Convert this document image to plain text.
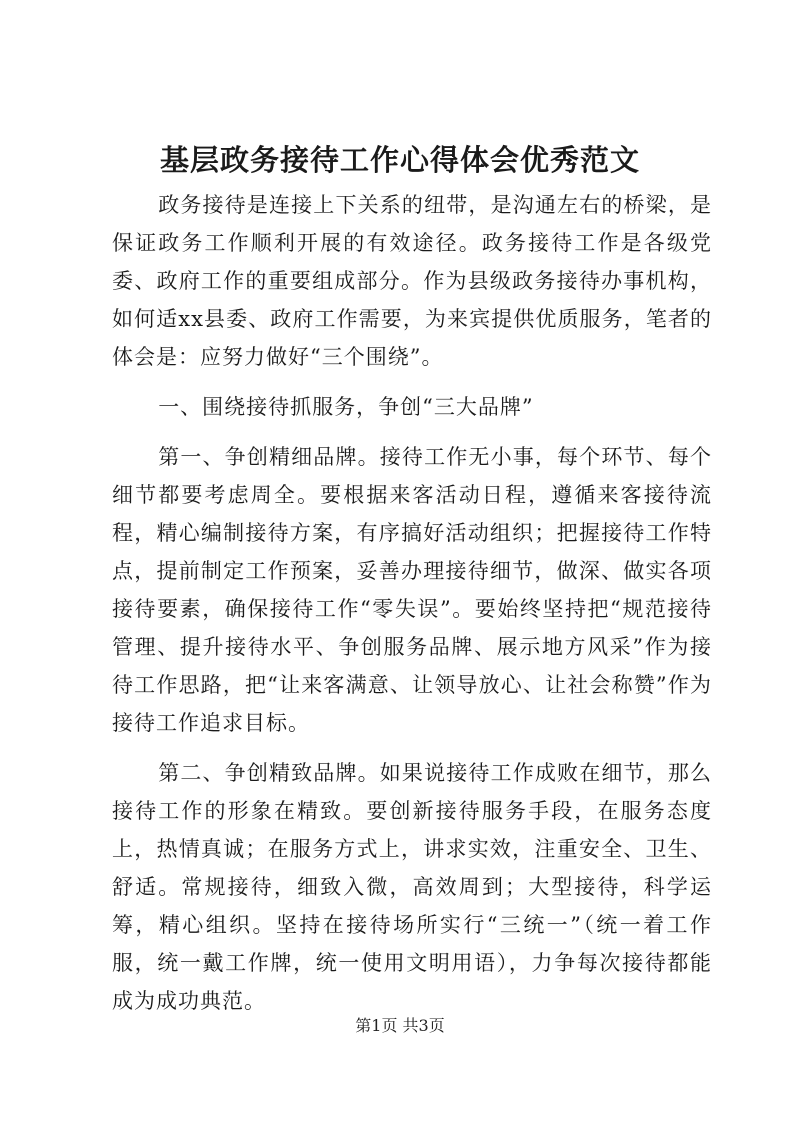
基层政务接待工作心得体会优秀范文

政务接待是连接上下关系的纽带，是沟通左右的桥梁，是保证政务工作顺利开展的有效途径。政务接待工作是各级党委、政府工作的重要组成部分。作为县级政务接待办事机构，如何适xx县委、政府工作需要，为来宾提供优质服务，笔者的体会是：应努力做好“三个围绕”。

一、围绕接待抓服务，争创“三大品牌”

第一、争创精细品牌。接待工作无小事，每个环节、每个细节都要考虑周全。要根据来客活动日程，遵循来客接待流程，精心编制接待方案，有序搞好活动组织；把握接待工作特点，提前制定工作预案，妥善办理接待细节，做深、做实各项接待要素，确保接待工作“零失误”。要始终坚持把“规范接待管理、提升接待水平、争创服务品牌、展示地方风采”作为接待工作思路，把“让来客满意、让领导放心、让社会称赞”作为接待工作追求目标。

第二、争创精致品牌。如果说接待工作成败在细节，那么接待工作的形象在精致。要创新接待服务手段，在服务态度上，热情真诚；在服务方式上，讲求实效，注重安全、卫生、舒适。常规接待，细致入微，高效周到；大型接待，科学运筹，精心组织。坚持在接待场所实行“三统一”（统一着工作服，统一戴工作牌，统一使用文明用语），力争每次接待都能成为成功典范。

第1页 共3页
